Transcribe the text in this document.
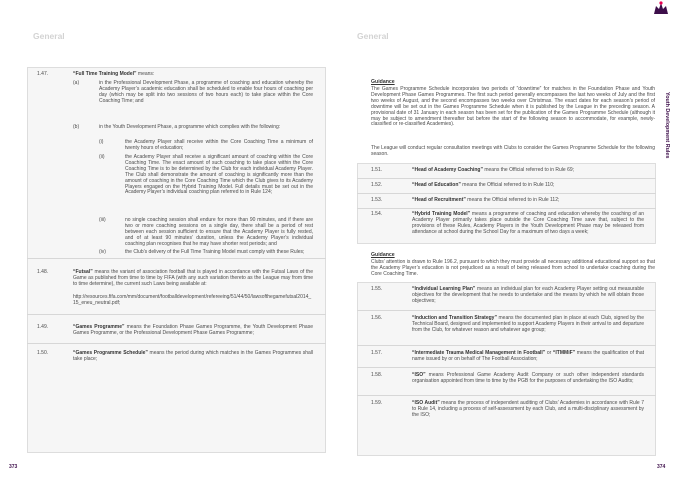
General	General
Youth Development Rules
1.47.	“Full Time Training Model” means:
(a)	in the Professional Development Phase, a programme of coaching and education whereby the Academy Player’s academic education shall be scheduled to enable four hours of coaching per day (which may be split into two sessions of two hours each) to take place within the Core Coaching Time; and
(b)	in the Youth Development Phase, a programme which complies with the following:
(i)	the Academy Player shall receive within the Core Coaching Time a minimum of twenty hours of education;
(ii)	the Academy Player shall receive a significant amount of coaching within the Core Coaching Time. The exact amount of such coaching to take place within the Core Coaching Time is to be determined by the Club for each individual Academy Player. The Club shall demonstrate the amount of coaching is significantly more than the amount of coaching in the Core Coaching Time which the Club gives to its Academy Players engaged on the Hybrid Training Model. Full details must be set out in the Academy Player’s individual coaching plan referred to in Rule 124;
(iii)	no single coaching session shall endure for more than 90 minutes, and if there are two or more coaching sessions on a single day, there shall be a period of rest between each session sufficient to ensure that the Academy Player is fully rested, and of at least 90 minutes’ duration, unless the Academy Player’s individual coaching plan recognises that he may have shorter rest periods; and
(iv)	the Club’s delivery of the Full Time Training Model must comply with these Rules;
1.48.	“Futsal” means the variant of association football that is played in accordance with the Futsal Laws of the Game as published from time to time by FIFA (with any such variation thereto as the League may from time to time determine), the current such Laws being available at:
http://resources.fifa.com/mm/document/footballdevelopment/refereeing/51/44/50/lawsofthegamefutsal2014_15_eneu_neutral.pdf;
1.49.	“Games Programme” means the Foundation Phase Games Programme, the Youth Development Phase Games Programme, or the Professional Development Phase Games Programme;
1.50.	“Games Programme Schedule” means the period during which matches in the Games Programmes shall take place;
Guidance
The Games Programme Schedule incorporates two periods of “downtime” for matches in the Foundation Phase and Youth Development Phase Games Programmes. The first such period generally encompasses the last two weeks of July and the first two weeks of August, and the second encompasses two weeks over Christmas. The exact dates for each season’s period of downtime will be set out in the Games Programme Schedule when it is published by the League in the preceding season. A provisional date of 31 January in each season has been set for the publication of the Games Programme Schedule (although it may be subject to amendment thereafter but before the start of the following season to accommodate, for example, newly-classified or re-classified Academies).
The League will conduct regular consultation meetings with Clubs to consider the Games Programme Schedule for the following season.
1.51.	“Head of Academy Coaching” means the Official referred to in Rule 69;
1.52.	“Head of Education” means the Official referred to in Rule 110;
1.53.	“Head of Recruitment” means the Official referred to in Rule 112;
1.54.	“Hybrid Training Model” means a programme of coaching and education whereby the coaching of an Academy Player primarily takes place outside the Core Coaching Time save that, subject to the provisions of these Rules, Academy Players in the Youth Development Phase may be released from attendance at school during the School Day for a maximum of two days a week;
Guidance
Clubs’ attention is drawn to Rule 196.2, pursuant to which they must provide all necessary additional educational support so that the Academy Player’s education is not prejudiced as a result of being released from school to undertake coaching during the Core Coaching Time.
1.55.	“Individual Learning Plan” means an individual plan for each Academy Player setting out measurable objectives for the development that he needs to undertake and the means by which he will obtain those objectives;
1.56.	“Induction and Transition Strategy” means the documented plan in place at each Club, signed by the Technical Board, designed and implemented to support Academy Players in their arrival to and departure from the Club, for whatever reason and whatever age group;
1.57.	“Intermediate Trauma Medical Management in Football” or “ITMMiF” means the qualification of that name issued by or on behalf of The Football Association;
1.58.	“ISO” means Professional Game Academy Audit Company or such other independent standards organisation appointed from time to time by the PGB for the purposes of undertaking the ISO Audits;
1.59.	“ISO Audit” means the process of independent auditing of Clubs’ Academies in accordance with Rule 7 to Rule 14, including a process of self-assessment by each Club, and a multi-disciplinary assessment by the ISO;
373	374
